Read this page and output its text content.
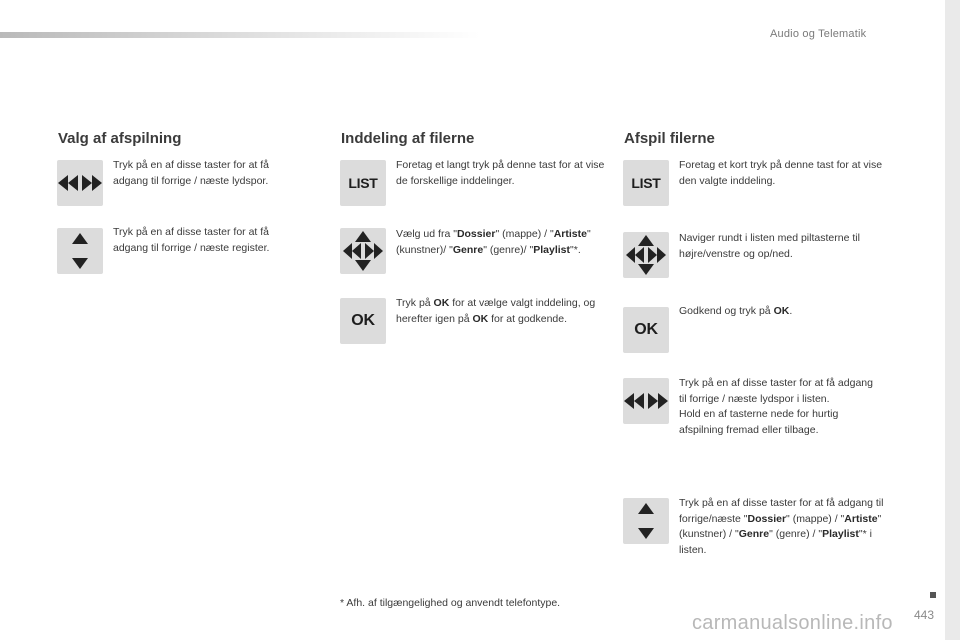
Audio og Telematik
Valg af afspilning
Tryk på en af disse taster for at få adgang til forrige / næste lydspor.
Tryk på en af disse taster for at få adgang til forrige / næste register.
Inddeling af filerne
LIST
Foretag et langt tryk på denne tast for at vise de forskellige inddelinger.
Vælg ud fra "Dossier" (mappe) / "Artiste" (kunstner)/ "Genre" (genre)/ "Playlist"*.
OK
Tryk på OK for at vælge valgt inddeling, og herefter igen på OK for at godkende.
Afspil filerne
LIST
Foretag et kort tryk på denne tast for at vise den valgte inddeling.
Naviger rundt i listen med piltasterne til højre/venstre og op/ned.
OK
Godkend og tryk på OK.
Tryk på en af disse taster for at få adgang til forrige / næste lydspor i listen.
Hold en af tasterne nede for hurtig afspilning fremad eller tilbage.
Tryk på en af disse taster for at få adgang til forrige/næste "Dossier" (mappe) / "Artiste" (kunstner) / "Genre" (genre) / "Playlist"* i listen.
* Afh. af tilgængelighed og anvendt telefontype.
carmanualsonline.info 443
